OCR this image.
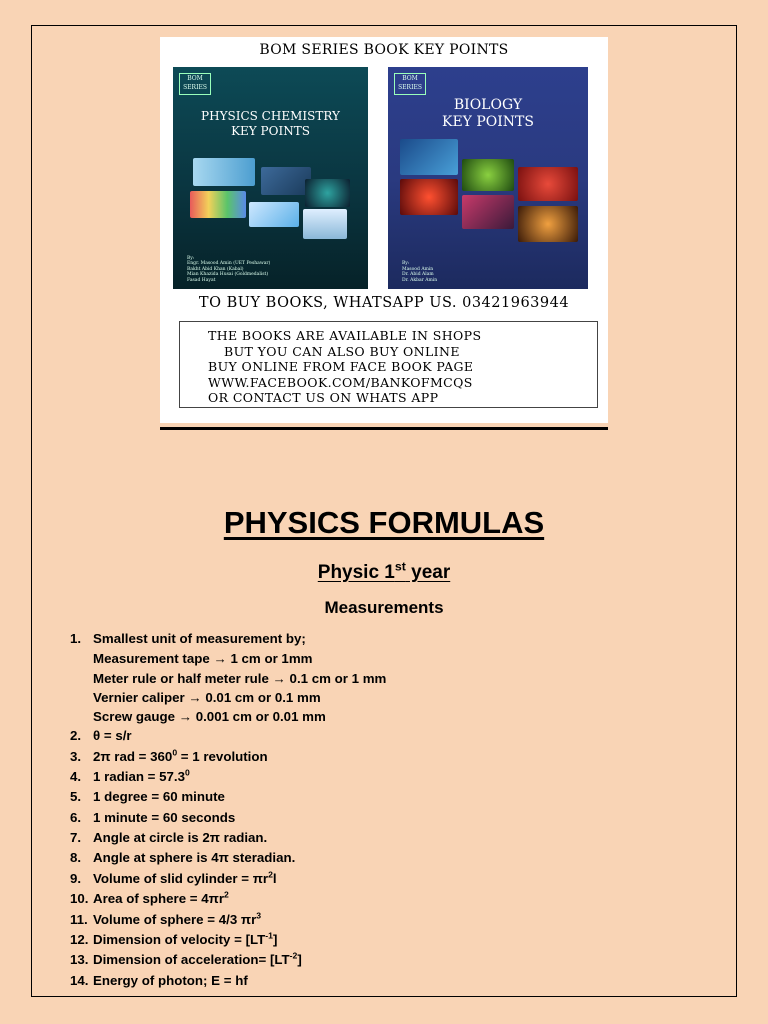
BOM SERIES BOOK KEY POINTS
BOM SERIES
PHYSICS CHEMISTRY
KEY POINTS
By:
Engr. Masood Amin (UET Peshawar)
Bakht Abid Khan (Kabal)
Mian Khazida Husai (Goldmedalist)
Fasad Hayat
BOM SERIES
BIOLOGY
KEY POINTS
By:
Masood Amin
Dr. Abid Alam
Dr. Akbar Amin
TO BUY BOOKS, WHATSAPP US. 03421963944
THE BOOKS ARE AVAILABLE IN SHOPS
BUT YOU CAN ALSO BUY ONLINE
BUY ONLINE FROM FACE BOOK PAGE
WWW.FACEBOOK.COM/BANKOFMCQS
OR CONTACT US ON WHATS APP
PHYSICS FORMULAS
Physic 1st year
Measurements
1. Smallest unit of measurement by;
Measurement tape → 1 cm or 1mm
Meter rule or half meter rule → 0.1 cm or 1 mm
Vernier caliper → 0.01 cm or 0.1 mm
Screw gauge → 0.001 cm or 0.01 mm
2. θ = s/r
3. 2π rad = $360^0 = 1$ revolution
4. 1 radian = $57.3^0$
5. 1 degree = 60 minute
6. 1 minute = 60 seconds
7. Angle at circle is 2π radian.
8. Angle at sphere is 4π steradian.
9. Volume of slid cylinder = $\pi r^2l$
10. Area of sphere = $4\pi r^2$
11. Volume of sphere = 4/3 $\pi r^3$
12. Dimension of velocity = $[LT^{-1}]$
13. Dimension of acceleration= $[LT^{-2}]$
14. Energy of photon; E = hf
